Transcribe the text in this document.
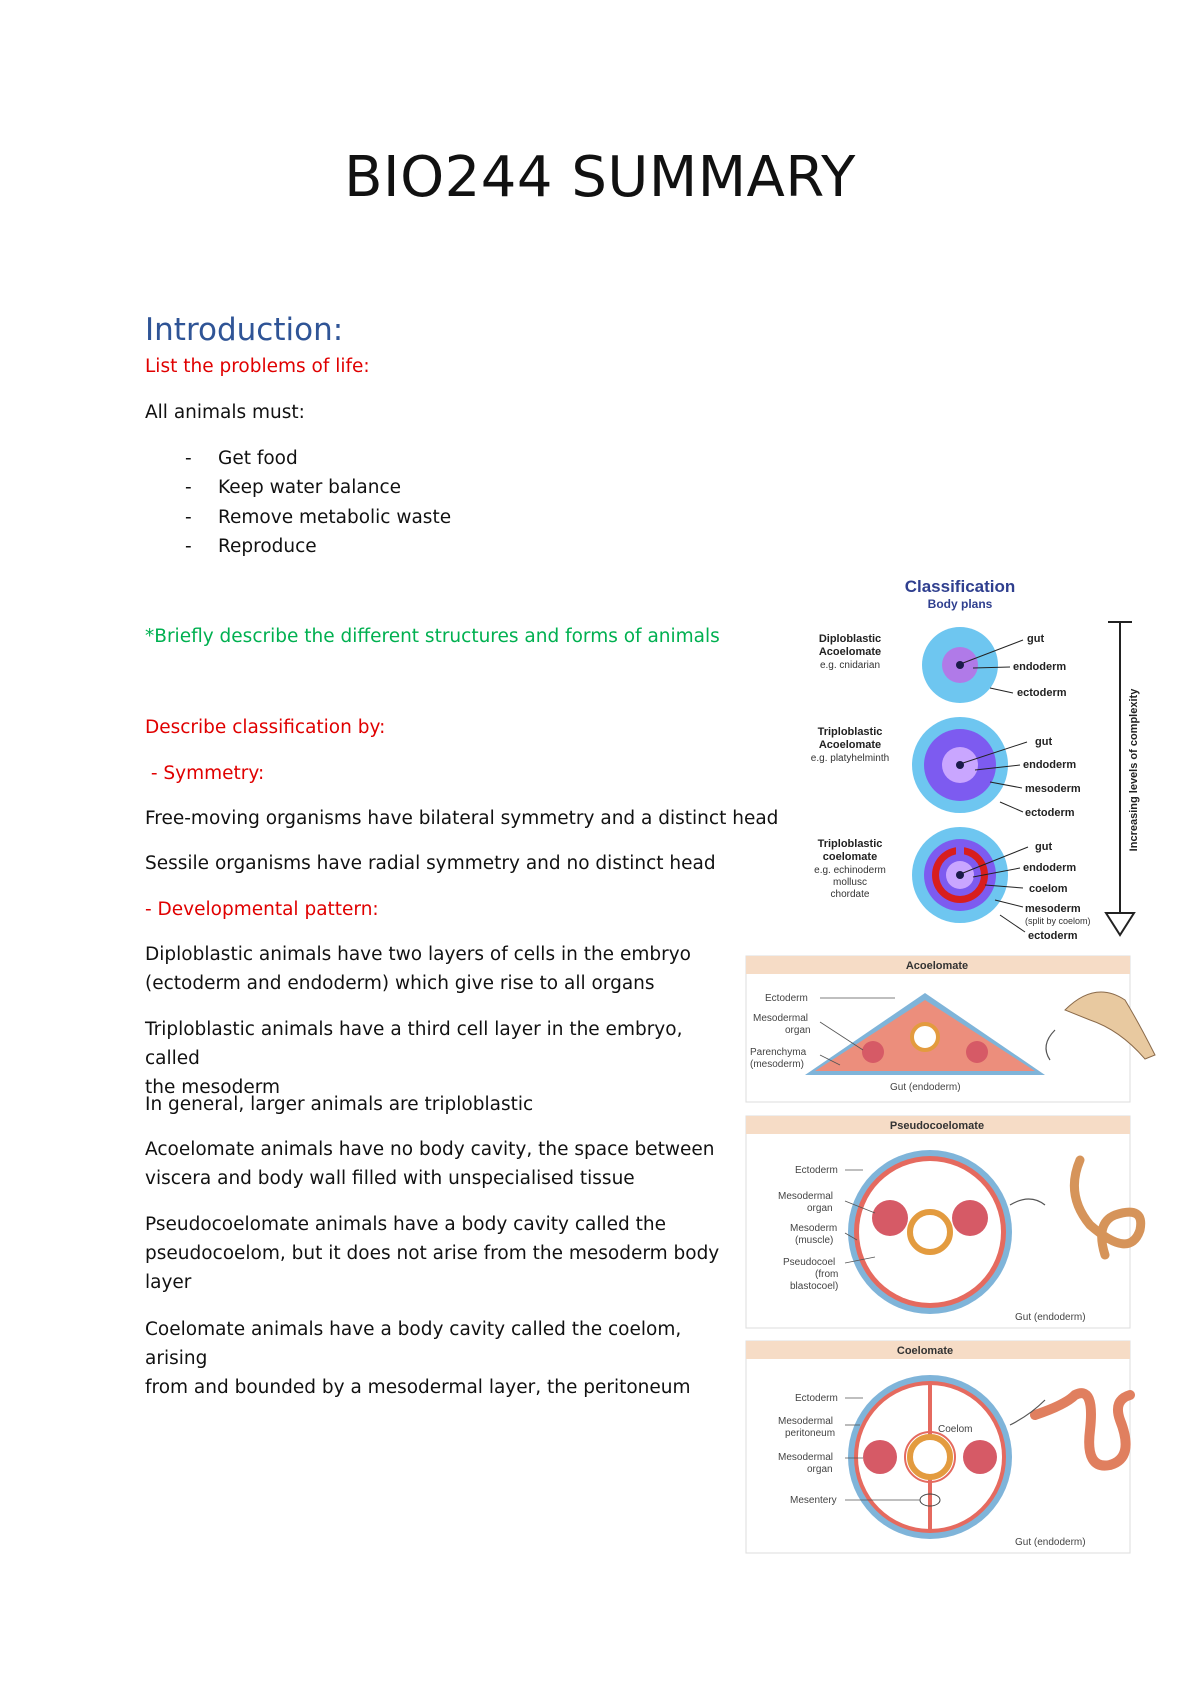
BIO244 SUMMARY
Introduction:
List the problems of life:
All animals must:
- Get food
- Keep water balance
- Remove metabolic waste
- Reproduce
*Briefly describe the different structures and forms of animals
Describe classification by:
- Symmetry:
Free-moving organisms have bilateral symmetry and a distinct head
Sessile organisms have radial symmetry and no distinct head
- Developmental pattern:
Diploblastic animals have two layers of cells in the embryo
(ectoderm and endoderm) which give rise to all organs
Triploblastic animals have a third cell layer in the embryo, called
the mesoderm
In general, larger animals are triploblastic
Acoelomate animals have no body cavity, the space between
viscera and body wall filled with unspecialised tissue
Pseudocoelomate animals have a body cavity called the
pseudocoelom, but it does not arise from the mesoderm body
layer
Coelomate animals have a body cavity called the coelom, arising
from and bounded by a mesodermal layer, the peritoneum
Classification
Body plans
Diploblastic
Acoelomate
e.g. cnidarian
gut
endoderm
ectoderm
Triploblastic
Acoelomate
e.g. platyhelminth
gut
endoderm
mesoderm
ectoderm
Triploblastic
coelomate
e.g. echinoderm
mollusc
chordate
gut
endoderm
coelom
mesoderm
(split by coelom)
ectoderm
Increasing levels of complexity
Acoelomate
Ectoderm
Mesodermal
organ
Parenchyma
(mesoderm)
Gut (endoderm)
Pseudocoelomate
Ectoderm
Mesodermal
organ
Mesoderm
(muscle)
Pseudocoel
(from
blastocoel)
Gut (endoderm)
Coelomate
Ectoderm
Mesodermal
peritoneum
Mesodermal
organ
Mesentery
Coelom
Gut (endoderm)
